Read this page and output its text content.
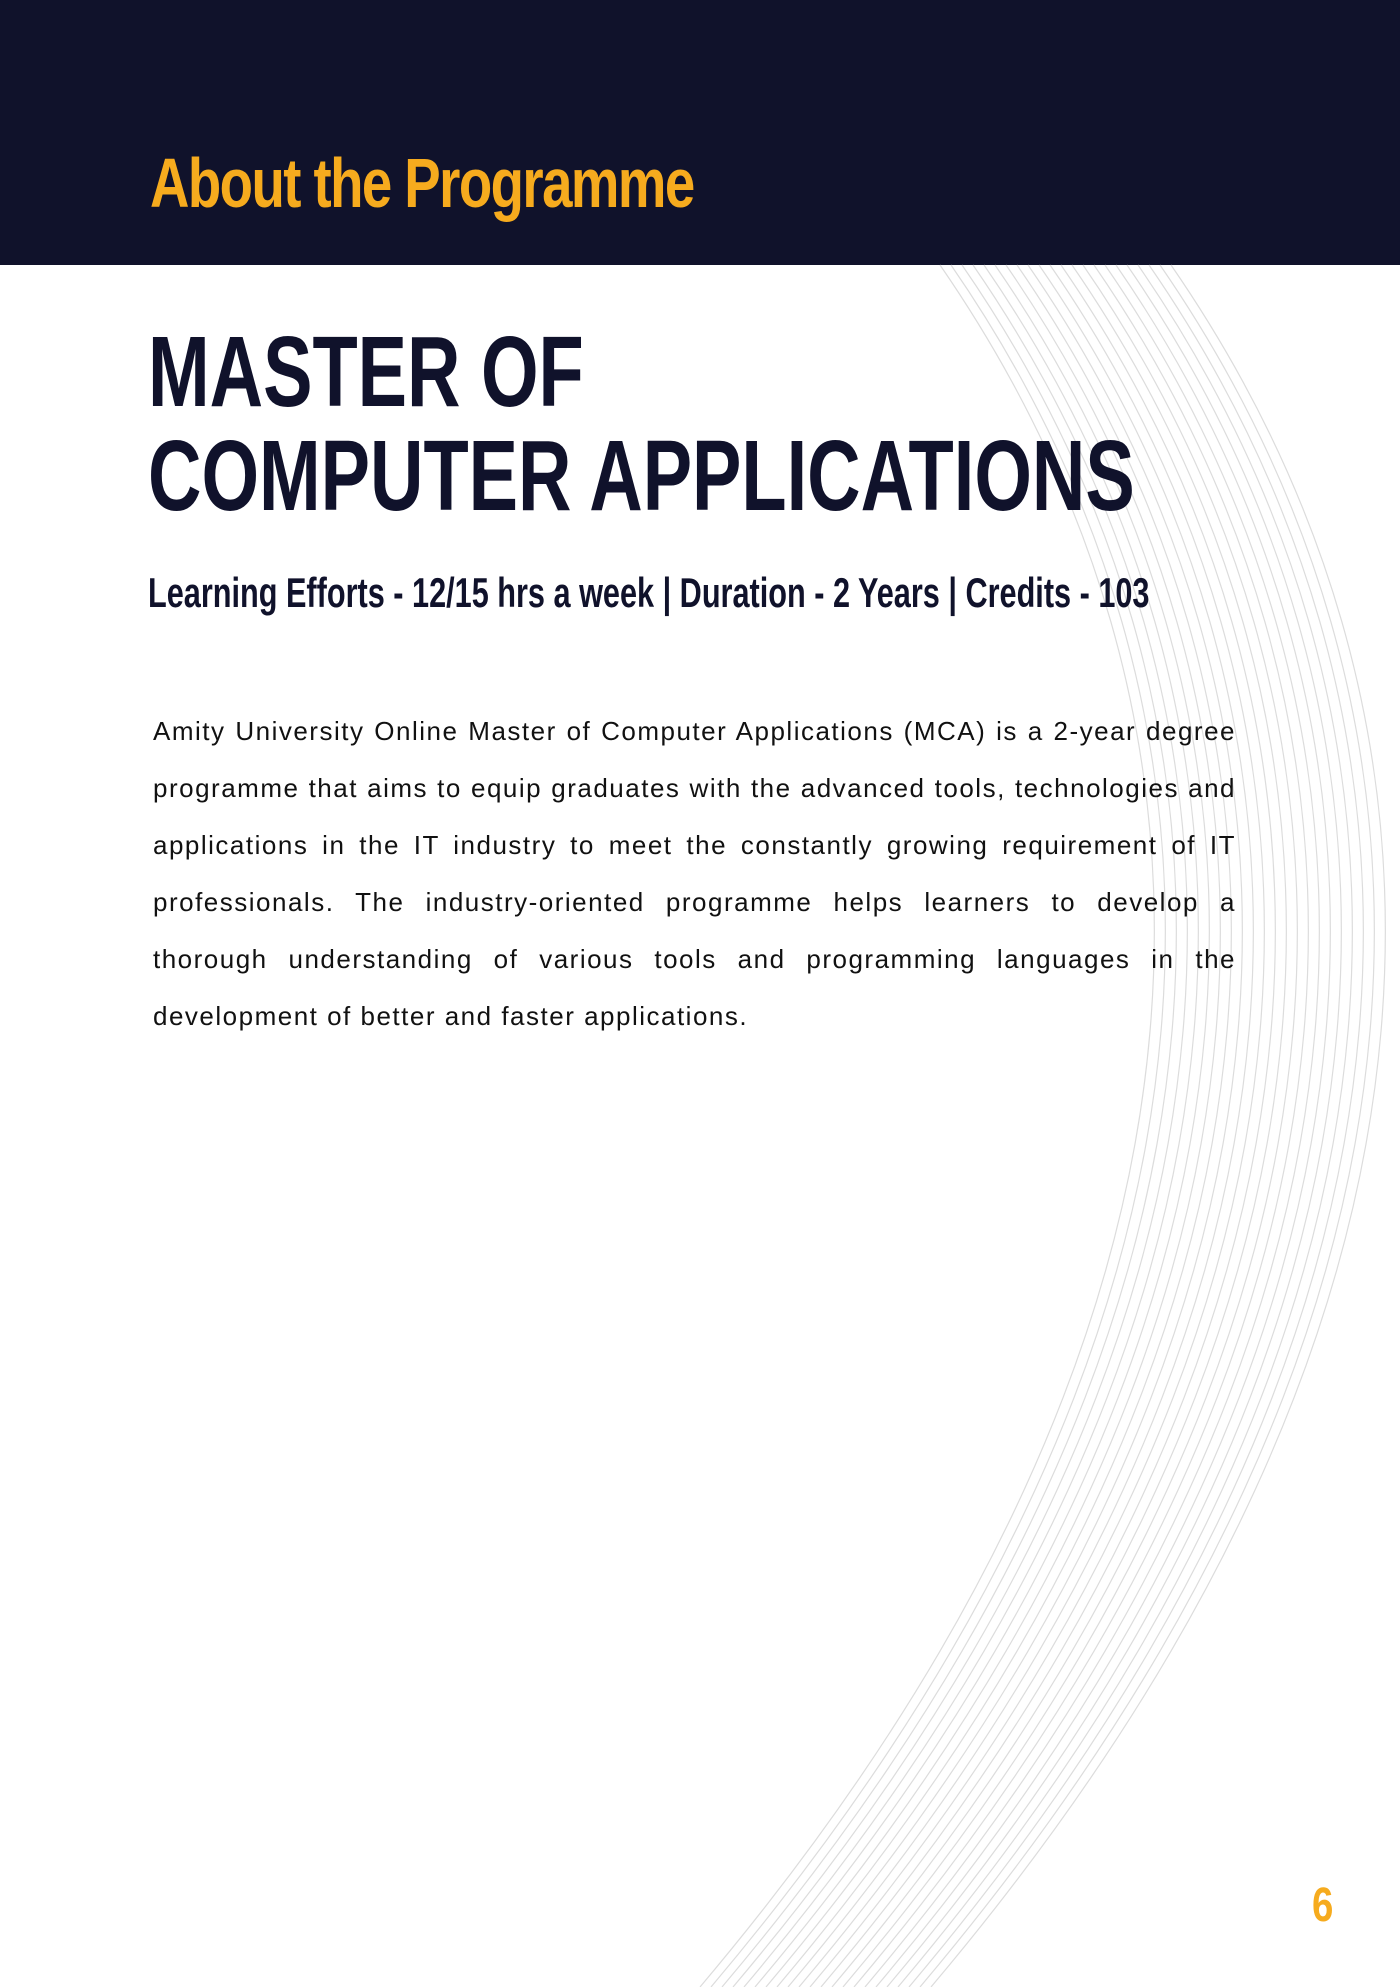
About the Programme
MASTER OF
COMPUTER APPLICATIONS

Learning Efforts - 12/15 hrs a week | Duration - 2 Years | Credits - 103

Amity University Online Master of Computer Applications (MCA) is a 2-year degree programme that aims to equip graduates with the advanced tools, technologies and applications in the IT industry to meet the constantly growing requirement of IT professionals. The industry-oriented programme helps learners to develop a thorough understanding of various tools and programming languages in the development of better and faster applications.

6
